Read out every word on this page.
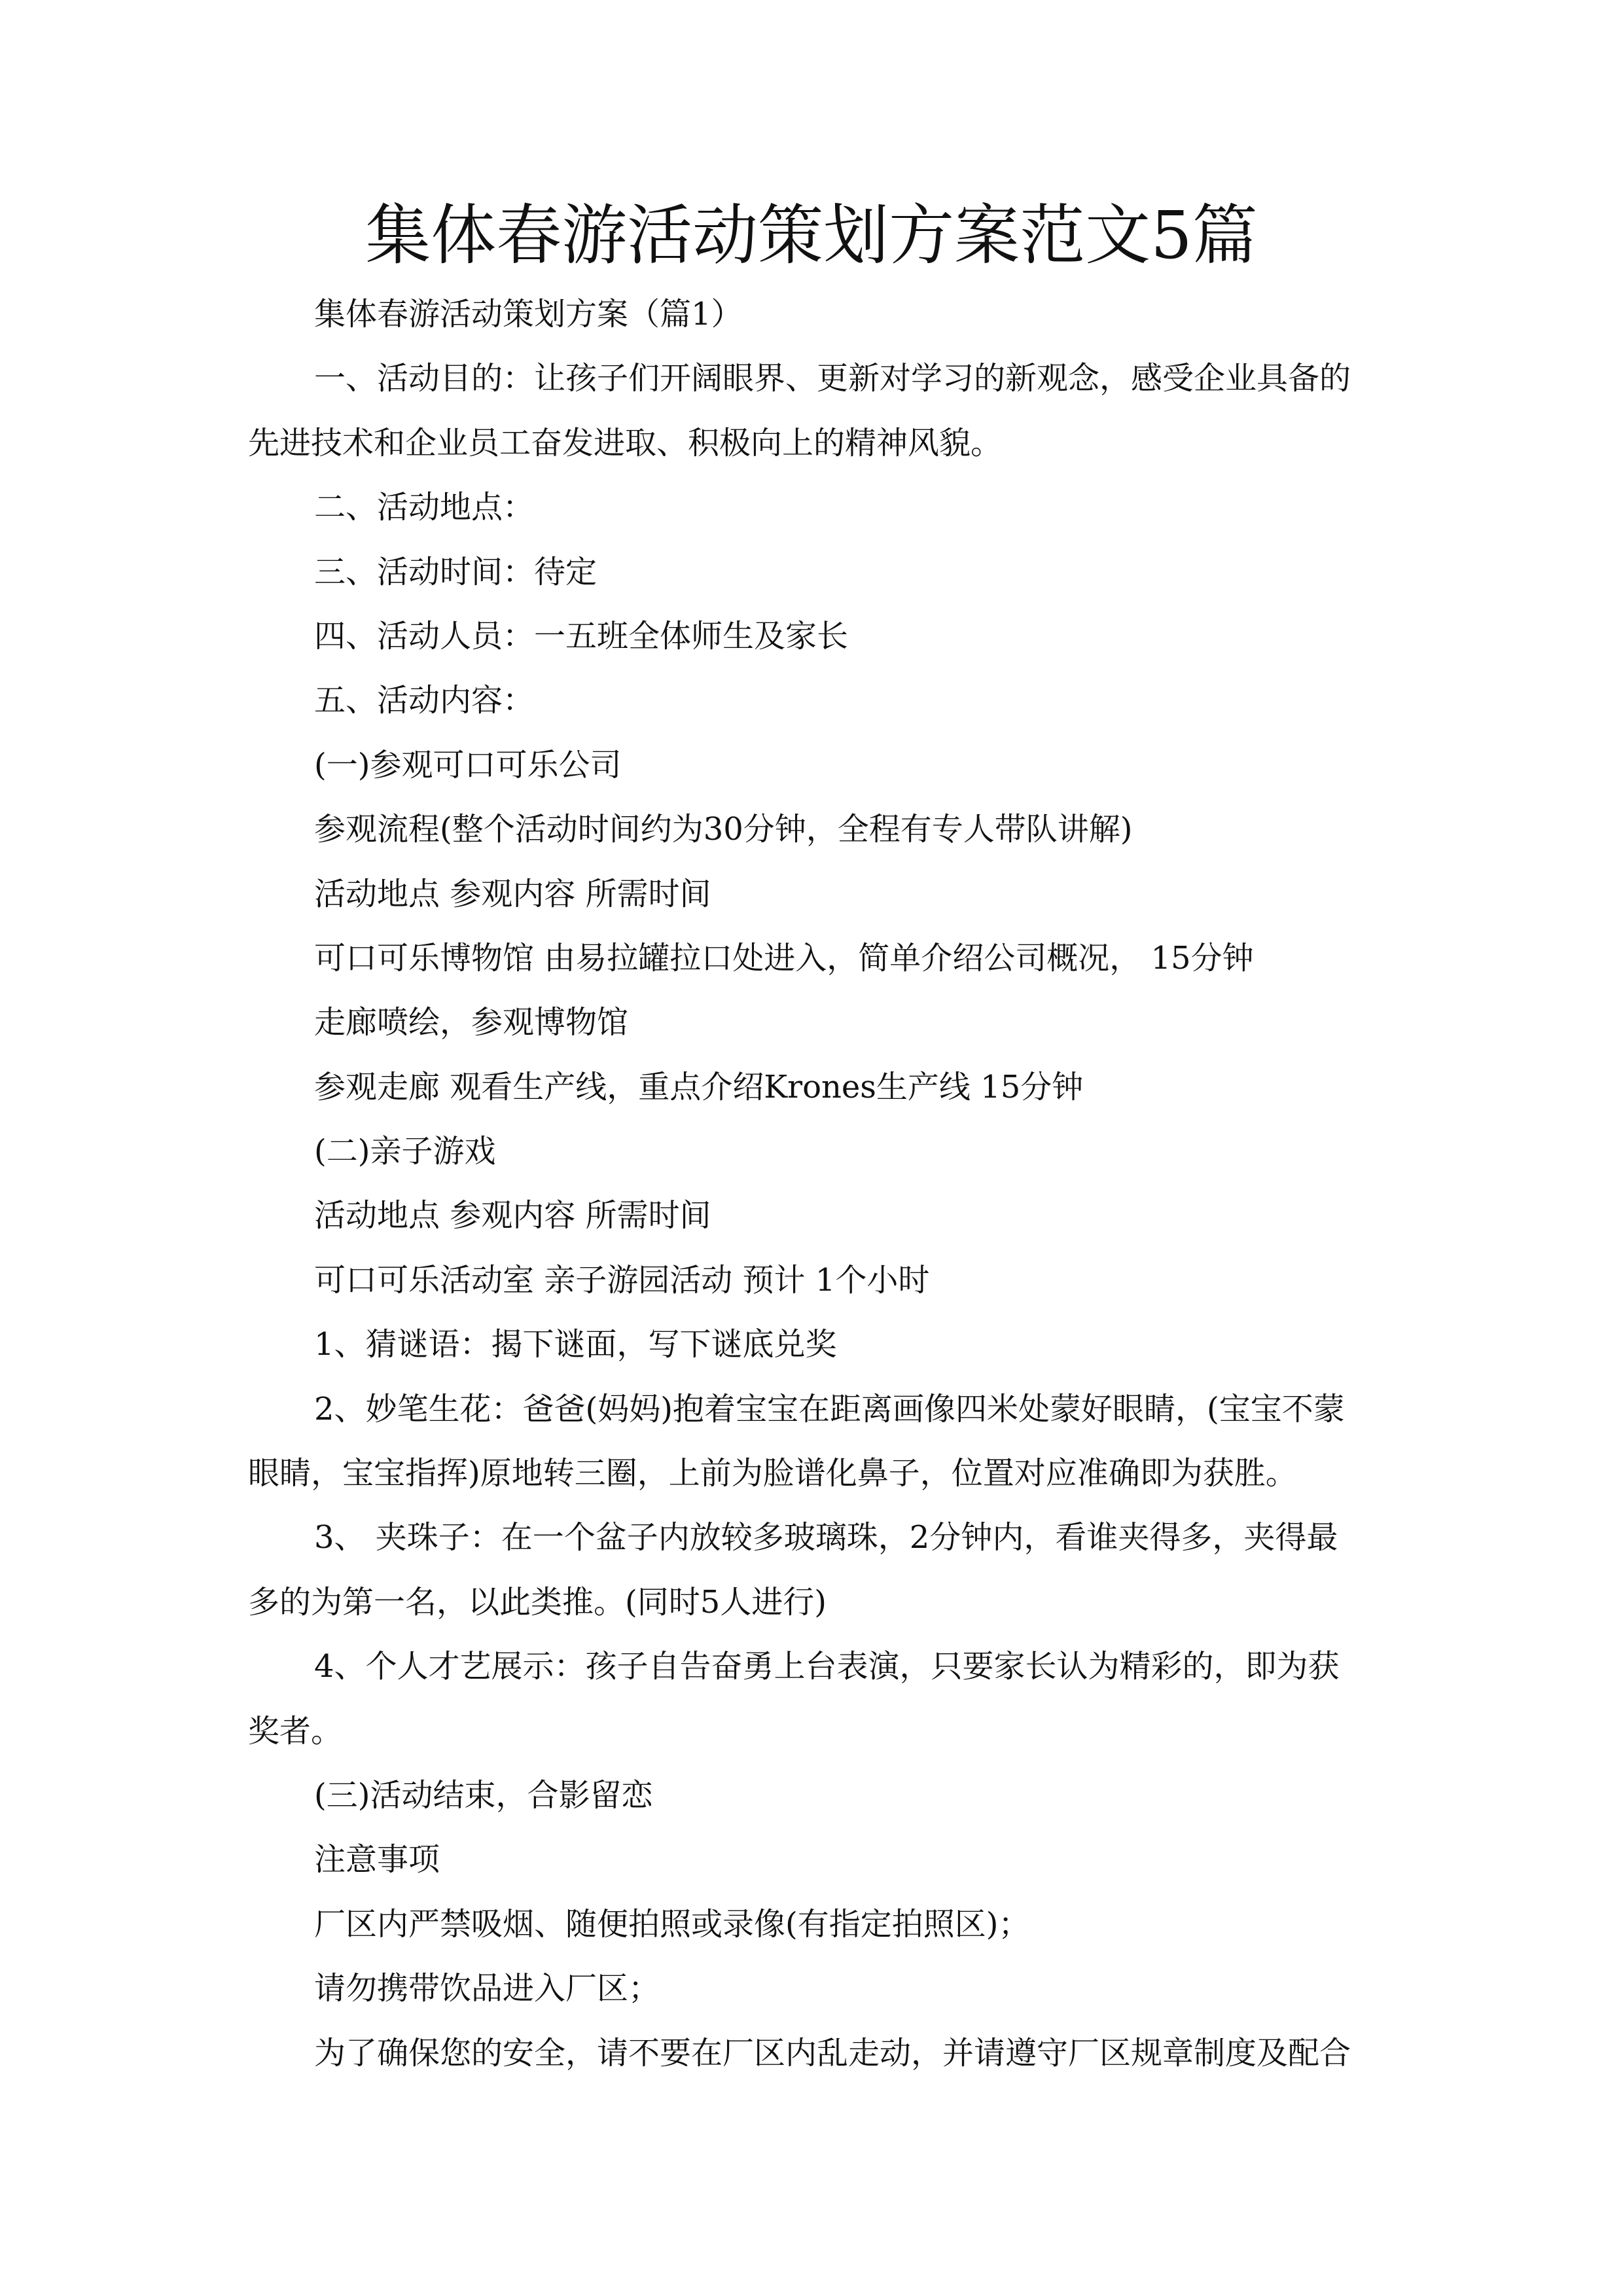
集体春游活动策划方案范文5篇
集体春游活动策划方案（篇1）
一、活动目的：让孩子们开阔眼界、更新对学习的新观念，感受企业具备的
先进技术和企业员工奋发进取、积极向上的精神风貌。
二、活动地点：
三、活动时间：待定
四、活动人员：一五班全体师生及家长
五、活动内容：
(一)参观可口可乐公司
参观流程(整个活动时间约为30分钟，全程有专人带队讲解)
活动地点 参观内容 所需时间
可口可乐博物馆 由易拉罐拉口处进入，简单介绍公司概况， 15分钟
走廊喷绘，参观博物馆
参观走廊 观看生产线，重点介绍Krones生产线 15分钟
(二)亲子游戏
活动地点 参观内容 所需时间
可口可乐活动室 亲子游园活动 预计 1个小时
1、猜谜语：揭下谜面，写下谜底兑奖
2、妙笔生花：爸爸(妈妈)抱着宝宝在距离画像四米处蒙好眼睛，(宝宝不蒙
眼睛，宝宝指挥)原地转三圈，上前为脸谱化鼻子，位置对应准确即为获胜。
3、 夹珠子：在一个盆子内放较多玻璃珠，2分钟内，看谁夹得多，夹得最
多的为第一名，以此类推。(同时5人进行)
4、个人才艺展示：孩子自告奋勇上台表演，只要家长认为精彩的，即为获
奖者。
(三)活动结束，合影留恋
注意事项
厂区内严禁吸烟、随便拍照或录像(有指定拍照区)；
请勿携带饮品进入厂区；
为了确保您的安全，请不要在厂区内乱走动，并请遵守厂区规章制度及配合
